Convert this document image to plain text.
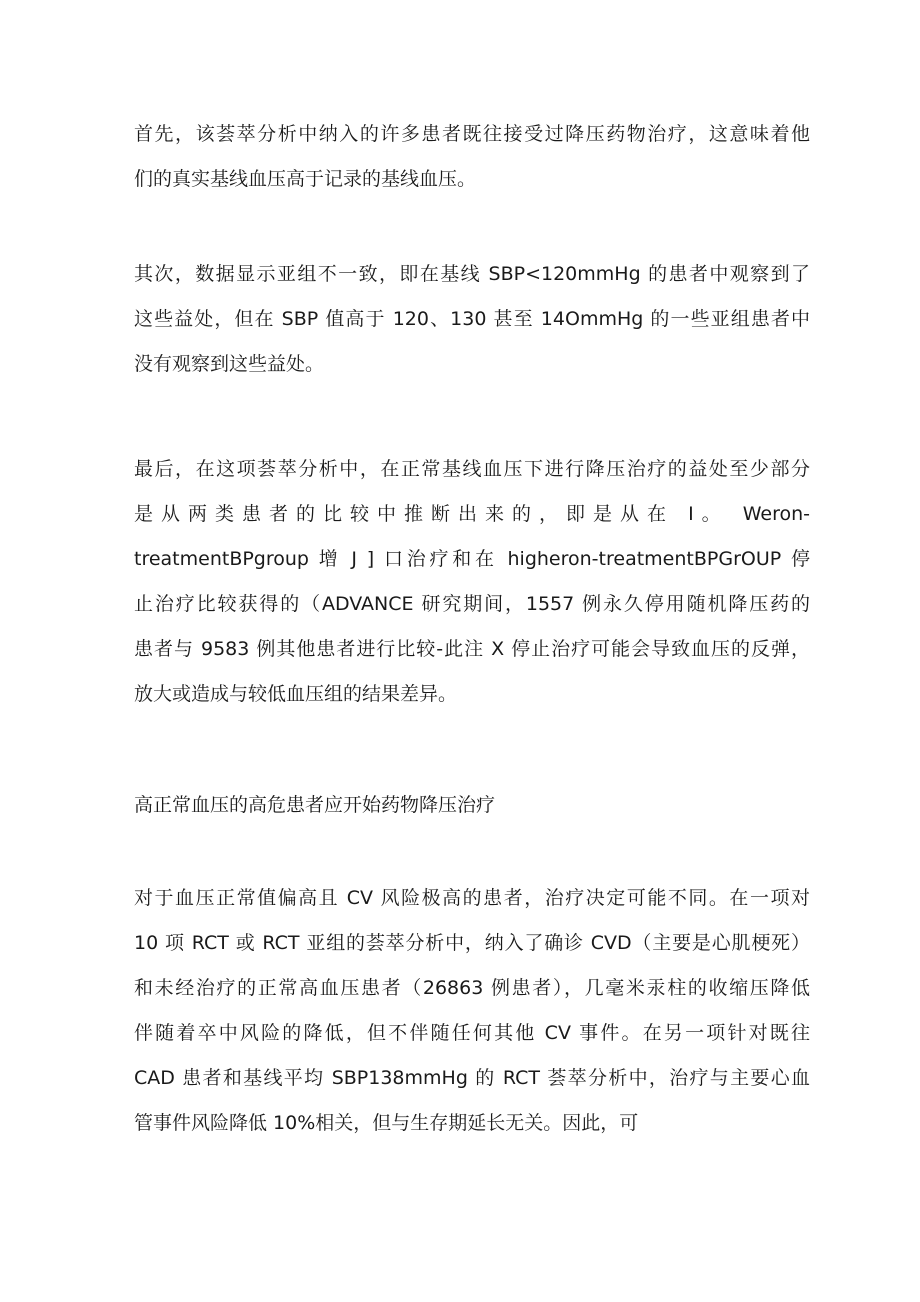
首先，该荟萃分析中纳入的许多患者既往接受过降压药物治疗，这意味着他
们的真实基线血压高于记录的基线血压。
其次，数据显示亚组不一致，即在基线 SBP<120mmHg 的患者中观察到了
这些益处，但在 SBP 值高于 120、130 甚至 14OmmHg 的一些亚组患者中
没有观察到这些益处。
最后，在这项荟萃分析中，在正常基线血压下进行降压治疗的益处至少部分
是从两类患者的比较中推断出来的，即是从在 I。 Weron-
treatmentBPgroup 增 J ] 口治疗和在 higheron-treatmentBPGrOUP 停
止治疗比较获得的（ADVANCE 研究期间，1557 例永久停用随机降压药的
患者与 9583 例其他患者进行比较-此注 X 停止治疗可能会导致血压的反弹，
放大或造成与较低血压组的结果差异。
高正常血压的高危患者应开始药物降压治疗
对于血压正常值偏高且 CV 风险极高的患者，治疗决定可能不同。在一项对
10 项 RCT 或 RCT 亚组的荟萃分析中，纳入了确诊 CVD（主要是心肌梗死）
和未经治疗的正常高血压患者（26863 例患者），几毫米汞柱的收缩压降低
伴随着卒中风险的降低，但不伴随任何其他 CV 事件。在另一项针对既往
CAD 患者和基线平均 SBP138mmHg 的 RCT 荟萃分析中，治疗与主要心血
管事件风险降低 10%相关，但与生存期延长无关。因此，可
